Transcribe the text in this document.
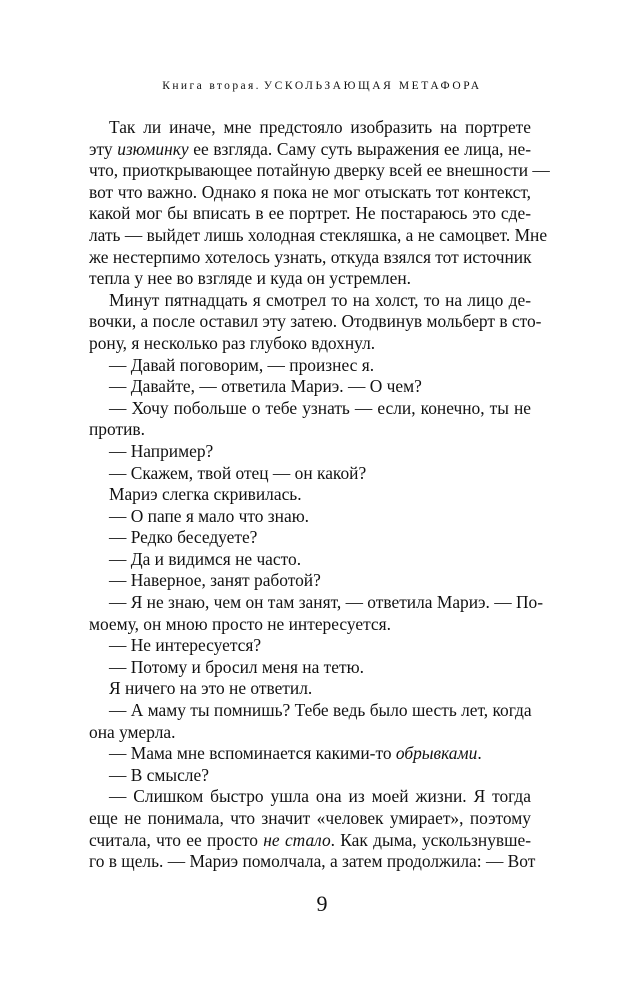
Книга вторая. УСКОЛЬЗАЮЩАЯ МЕТАФОРА
Так ли иначе, мне предстояло изобразить на портрете
эту изюминку ее взгляда. Саму суть выражения ее лица, не-
что, приоткрывающее потайную дверку всей ее внешности —
вот что важно. Однако я пока не мог отыскать тот контекст,
какой мог бы вписать в ее портрет. Не постараюсь это сде-
лать — выйдет лишь холодная стекляшка, а не самоцвет. Мне
же нестерпимо хотелось узнать, откуда взялся тот источник
тепла у нее во взгляде и куда он устремлен.
Минут пятнадцать я смотрел то на холст, то на лицо де-
вочки, а после оставил эту затею. Отодвинув мольберт в сто-
рону, я несколько раз глубоко вдохнул.
— Давай поговорим, — произнес я.
— Давайте, — ответила Мариэ. — О чем?
— Хочу побольше о тебе узнать — если, конечно, ты не
против.
— Например?
— Скажем, твой отец — он какой?
Мариэ слегка скривилась.
— О папе я мало что знаю.
— Редко беседуете?
— Да и видимся не часто.
— Наверное, занят работой?
— Я не знаю, чем он там занят, — ответила Мариэ. — По-
моему, он мною просто не интересуется.
— Не интересуется?
— Потому и бросил меня на тетю.
Я ничего на это не ответил.
— А маму ты помнишь? Тебе ведь было шесть лет, когда
она умерла.
— Мама мне вспоминается какими-то обрывками.
— В смысле?
— Слишком быстро ушла она из моей жизни. Я тогда
еще не понимала, что значит «человек умирает», поэтому
считала, что ее просто не стало. Как дыма, ускользнувше-
го в щель. — Мариэ помолчала, а затем продолжила: — Вот
9
